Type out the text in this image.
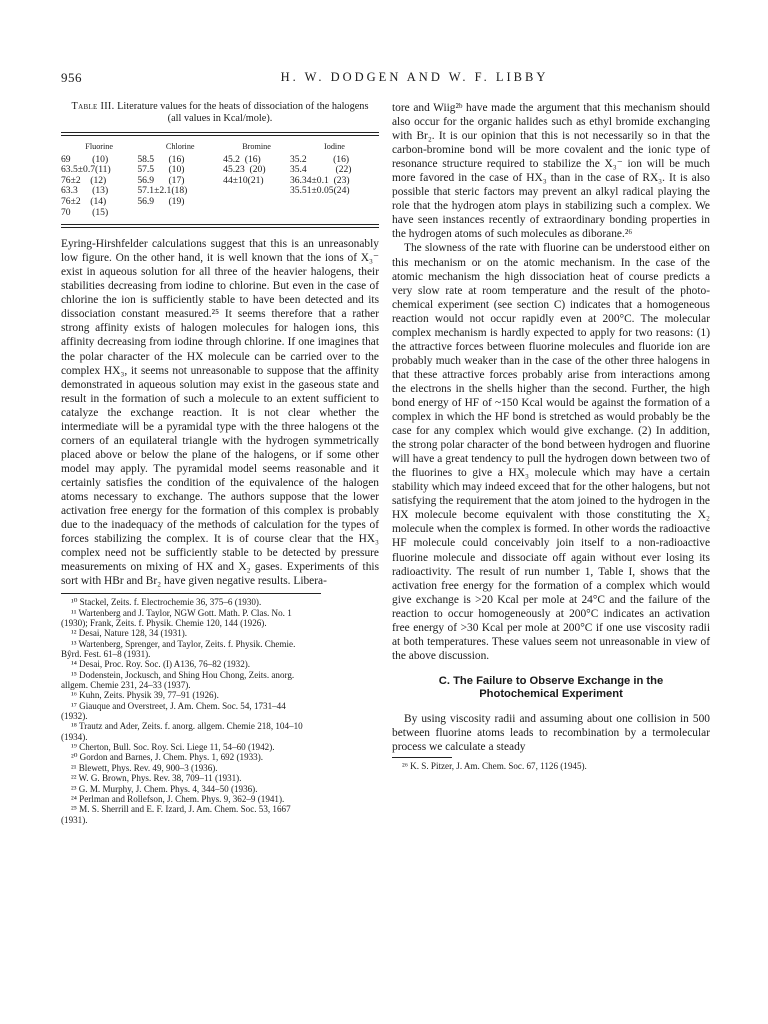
956	H. W. DODGEN AND W. F. LIBBY
Table III. Literature values for the heats of dissociation of the halogens (all values in Kcal/mole).
Fluorine	Chlorine	Bromine	Iodine
69         (10)	58.5      (16)	45.2  (16)	35.2           (16)
63.5±0.7(11)	57.5      (10)	45.23  (20)	35.4            (22)
76±2    (12)	56.9      (17)	44±10(21)	36.34±0.1  (23)
63.3      (13)	57.1±2.1(18)		35.51±0.05(24)
76±2    (14)	56.9      (19)		
70         (15)			

Eyring-Hirshfelder calculations suggest that this is an unreasonably low figure. On the other hand, it is well known that the ions of X₃⁻ exist in aqueous solution for all three of the heavier halogens, their stabilities decreasing from iodine to chlorine. But even in the case of chlorine the ion is sufficiently stable to have been detected and its dissociation constant measured.²⁵ It seems therefore that a rather strong affinity exists of halogen molecules for halogen ions, this affinity decreasing from iodine through chlorine. If one imagines that the polar character of the HX molecule can be carried over to the complex HX₃, it seems not unreasonable to suppose that the affinity demonstrated in aqueous solution may exist in the gaseous state and result in the formation of such a molecule to an extent sufficient to catalyze the exchange reaction. It is not clear whether the intermediate will be a pyramidal type with the three halogens ot the corners of an equilateral triangle with the hydrogen symmetrically placed above or below the plane of the halogens, or if some other model may apply. The pyramidal model seems reasonable and it certainly satisfies the condition of the equivalence of the halogen atoms necessary to exchange. The authors suppose that the lower activation free energy for the formation of this complex is probably due to the inadequacy of the methods of calculation for the types of forces stabilizing the complex. It is of course clear that the HX₃ complex need not be sufficiently stable to be detected by pressure measurements on mixing of HX and X₂ gases. Experiments of this sort with HBr and Br₂ have given negative results. Libera-

¹⁰ Stackel, Zeits. f. Electrochemie 36, 375–6 (1930).

¹¹ Wartenberg and J. Taylor, NGW Gott. Math. P. Clas. No. 1

(1930); Frank, Zeits. f. Physik. Chemie 120, 144 (1926).

¹² Desai, Nature 128, 34 (1931).

¹³ Wartenberg, Sprenger, and Taylor, Zeits. f. Physik. Chemie.

Bŷrd. Fest. 61–8 (1931).

¹⁴ Desai, Proc. Roy. Soc. (I) A136, 76–82 (1932).

¹⁵ Dodenstein, Jockusch, and Shing Hou Chong, Zeits. anorg.

allgem. Chemie 231, 24–33 (1937).

¹⁶ Kuhn, Zeits. Physik 39, 77–91 (1926).

¹⁷ Giauque and Overstreet, J. Am. Chem. Soc. 54, 1731–44

(1932).

¹⁸ Trautz and Ader, Zeits. f. anorg. allgem. Chemie 218, 104–10

(1934).

¹⁹ Cherton, Bull. Soc. Roy. Sci. Liege 11, 54–60 (1942).

²⁰ Gordon and Barnes, J. Chem. Phys. 1, 692 (1933).

²¹ Blewett, Phys. Rev. 49, 900–3 (1936).

²² W. G. Brown, Phys. Rev. 38, 709–11 (1931).

²³ G. M. Murphy, J. Chem. Phys. 4, 344–50 (1936).

²⁴ Perlman and Rollefson, J. Chem. Phys. 9, 362–9 (1941).

²⁵ M. S. Sherrill and E. F. Izard, J. Am. Chem. Soc. 53, 1667

(1931).

tore and Wiig²ᵇ have made the argument that this mechanism should also occur for the organic halides such as ethyl bromide exchanging with Br₂. It is our opinion that this is not necessarily so in that the carbon-bromine bond will be more covalent and the ionic type of resonance structure required to stabilize the X₃⁻ ion will be much more favored in the case of HX₃ than in the case of RX₃. It is also possible that steric factors may prevent an alkyl radical playing the role that the hydrogen atom plays in stabilizing such a complex. We have seen instances recently of extraordinary bonding properties in the hydrogen atoms of such molecules as diborane.²⁶

The slowness of the rate with fluorine can be understood either on this mechanism or on the atomic mechanism. In the case of the atomic mechanism the high dissociation heat of course predicts a very slow rate at room temperature and the result of the photo-chemical experiment (see section C) indicates that a homogeneous reaction would not occur rapidly even at 200°C. The molecular complex mechanism is hardly expected to apply for two reasons: (1) the attractive forces between fluorine molecules and fluoride ion are probably much weaker than in the case of the other three halogens in that these attractive forces probably arise from interactions among the electrons in the shells higher than the second. Further, the high bond energy of HF of ~150 Kcal would be against the formation of a complex in which the HF bond is stretched as would probably be the case for any complex which would give exchange. (2) In addition, the strong polar character of the bond between hydrogen and fluorine will have a great tendency to pull the hydrogen down between two of the fluorines to give a HX₃ molecule which may have a certain stability which may indeed exceed that for the other halogens, but not satisfying the requirement that the atom joined to the hydrogen in the HX molecule become equivalent with those constituting the X₂ molecule when the complex is formed. In other words the radioactive HF molecule could conceivably join itself to a non-radioactive fluorine molecule and dissociate off again without ever losing its radioactivity. The result of run number 1, Table I, shows that the activation free energy for the formation of a complex which would give exchange is >20 Kcal per mole at 24°C and the failure of the reaction to occur homogeneously at 200°C indicates an activation free energy of >30 Kcal per mole at 200°C if one use viscosity radii at both temperatures. These values seem not unreasonable in view of the above discussion.

C. The Failure to Observe Exchange in the
Photochemical Experiment

By using viscosity radii and assuming about one collision in 500 between fluorine atoms leads to recombination by a termolecular process we calculate a steady

²⁶ K. S. Pitzer, J. Am. Chem. Soc. 67, 1126 (1945).
